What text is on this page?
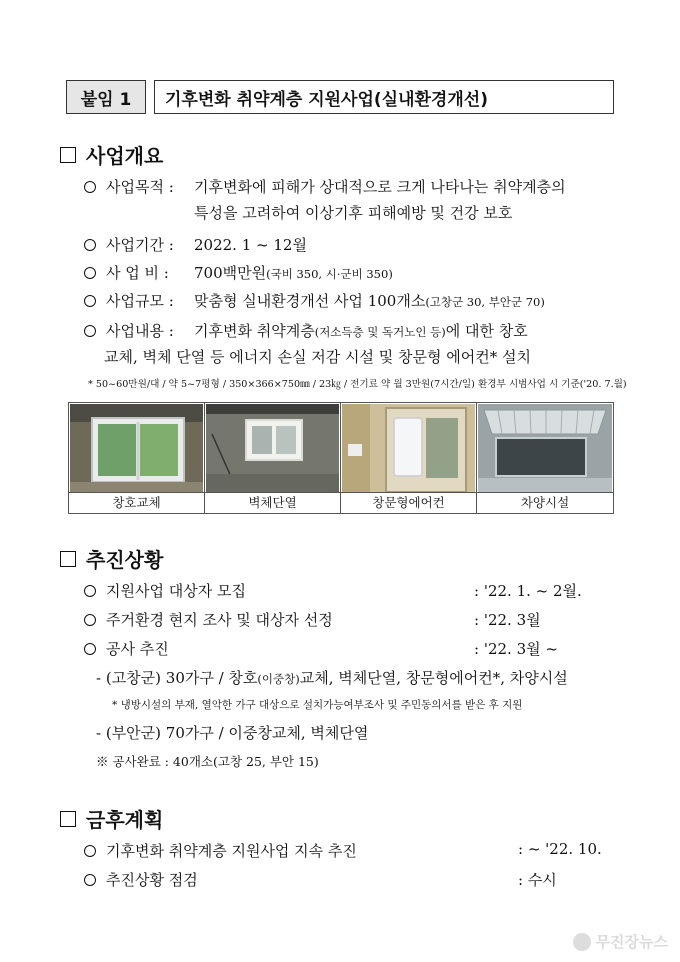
붙임 1	기후변화 취약계층 지원사업(실내환경개선)
사업개요
사업목적 : 기후변화에 피해가 상대적으로 크게 나타나는 취약계층의
특성을 고려하여 이상기후 피해예방 및 건강 보호
사업기간 : 2022. 1 ~ 12월
사 업 비 : 700백만원(국비 350, 시·군비 350)
사업규모 : 맞춤형 실내환경개선 사업 100개소(고창군 30, 부안군 70)
사업내용 : 기후변화 취약계층(저소득층 및 독거노인 등)에 대한 창호
교체, 벽체 단열 등 에너지 손실 저감 시설 및 창문형 에어컨* 설치
* 50~60만원/대 / 약 5~7평형 / 350×366×750㎜ / 23㎏ / 전기료 약 월 3만원(7시간/일) 환경부 시범사업 시 기준('20. 7.월)
창호교체	벽체단열	창문형에어컨	차양시설
추진상황
지원사업 대상자 모집	: '22. 1. ~ 2월.
주거환경 현지 조사 및 대상자 선정	: '22. 3월
공사 추진	: '22. 3월 ~
- (고창군) 30가구 / 창호(이중창)교체, 벽체단열, 창문형에어컨*, 차양시설
* 냉방시설의 부재, 열악한 가구 대상으로 설치가능여부조사 및 주민동의서를 받은 후 지원
- (부안군) 70가구 / 이중창교체, 벽체단열
※ 공사완료 : 40개소(고창 25, 부안 15)
금후계획
기후변화 취약계층 지원사업 지속 추진	: ~ '22. 10.
추진상황 점검	: 수시
무진장뉴스
